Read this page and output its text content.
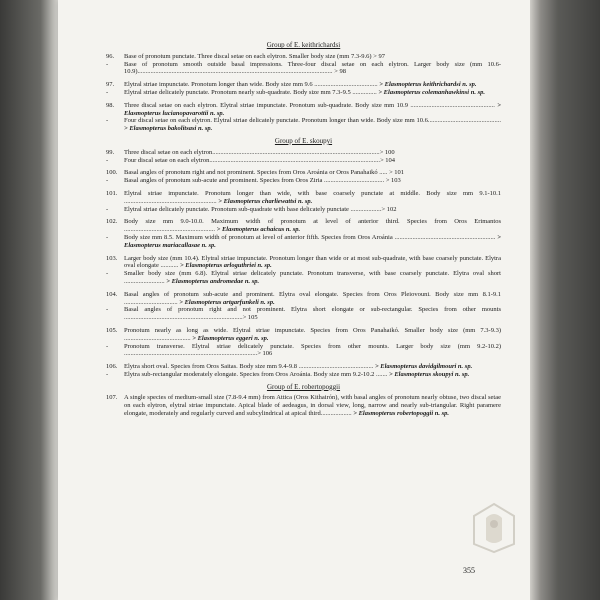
Group of E. keithrichardsi
96.	Base of pronotum punctate. Three discal setae on each elytron. Smaller body size (mm 7.3-9.6) > 97
-	Base of pronotum smooth outside basal impressions. Three-four discal setae on each elytron. Larger body size (mm 10.6-10.9)........................................................................................................................ > 98
97.	Elytral striae impunctate. Pronotum longer than wide. Body size mm 9.6 ....................................... > Elasmopterus keithrichardsi n. sp.
-	Elytral striae delicately punctate. Pronotum nearly sub-quadrate. Body size mm 7.3-9.5 ............... > Elasmopterus colemanhawkinsi n. sp.
98.	Three discal setae on each elytron. Elytral striae impunctate. Pronotum sub-quadrate. Body size mm 10.9 .................................................... > Elasmopterus lucianopavarottii n. sp.
-	Four discal setae on each elytron. Elytral striae delicately punctate. Pronotum longer than wide. Body size mm 10.6............................................. > Elasmopterus bakolitsasi n. sp.
Group of E. skoupyi
99.	Three discal setae on each elytron.......................................................................................................> 100
-	Four discal setae on each elytron.........................................................................................................> 104
100.	Basal angles of pronotum right and not prominent. Species from Oros Aroánia or Oros Panahaikó ..... > 101
-	Basal angles of pronotum sub-acute and prominent. Species from Oros Ziria ..................................... > 103
101.	Elytral striae impunctate. Pronotum longer than wide, with base coarsely punctate at middle. Body size mm 9.1-10.1 ......................................................... > Elasmopterus charliewattsi n. sp.
-	Elytral striae delicately punctate. Pronotum sub-quadrate with base delicately punctate ...................> 102
102.	Body size mm 9.0-10.0. Maximum width of pronotum at level of anterior third. Species from Oros Erimantos ........................................................ > Elasmopterus achaicus n. sp.
-	Body size mm 8.5. Maximum width of pronotum at level of anterior fifth. Species from Oros Aroánia .............................................................. > Elasmopterus mariacallasae n. sp.
103.	Larger body size (mm 10.4). Elytral striae impunctate. Pronotum longer than wide or at most sub-quadrate, with base coarsely punctate. Elytra oval elongate ........... > Elasmopterus arloguthriei n. sp.
-	Smaller body size (mm 6.8). Elytral striae delicately punctate. Pronotum transverse, with base coarsely punctate. Elytra oval short ......................... > Elasmopterus andromedae n. sp.
104.	Basal angles of pronotum sub-acute and prominent. Elytra oval elongate. Species from Oros Pleiovouni. Body size mm 8.1-9.1 ................................. > Elasmopterus artgarfunkeli n. sp.
-	Basal angles of pronotum right and not prominent. Elytra short elongate or sub-rectangular. Species from other mounts .........................................................................> 105
105.	Pronotum nearly as long as wide. Elytral striae impunctate. Species from Oros Panahaikó. Smaller body size (mm 7.3-9.3) ......................................... > Elasmopterus eggeri n. sp.
-	Pronotum transverse. Elytral striae delicately punctate. Species from other mounts. Larger body size (mm 9.2-10.2) ..................................................................................> 106
106.	Elytra short oval. Species from Oros Saitas. Body size mm 9.4-9.8 .............................................. > Elasmopterus davidgilmouri n. sp.
-	Elytra sub-rectangular moderately elongate. Species from Oros Aroánia. Body size mm 9.2-10.2 ....... > Elasmopterus skoupyi n. sp.
Group of E. robertopoggii
107.	A single species of medium-small size (7.8-9.4 mm) from Attica (Oros Kithairón), with basal angles of pronotum nearly obtuse, two discal setae on each elytron, elytral striae impunctate. Apical blade of aedeagus, in dorsal view, long, narrow and nearly sub-triangular. Right paramere elongate, moderately and regularly curved and subcylindrical at apical third................... > Elasmopterus robertopoggii n. sp.
355
